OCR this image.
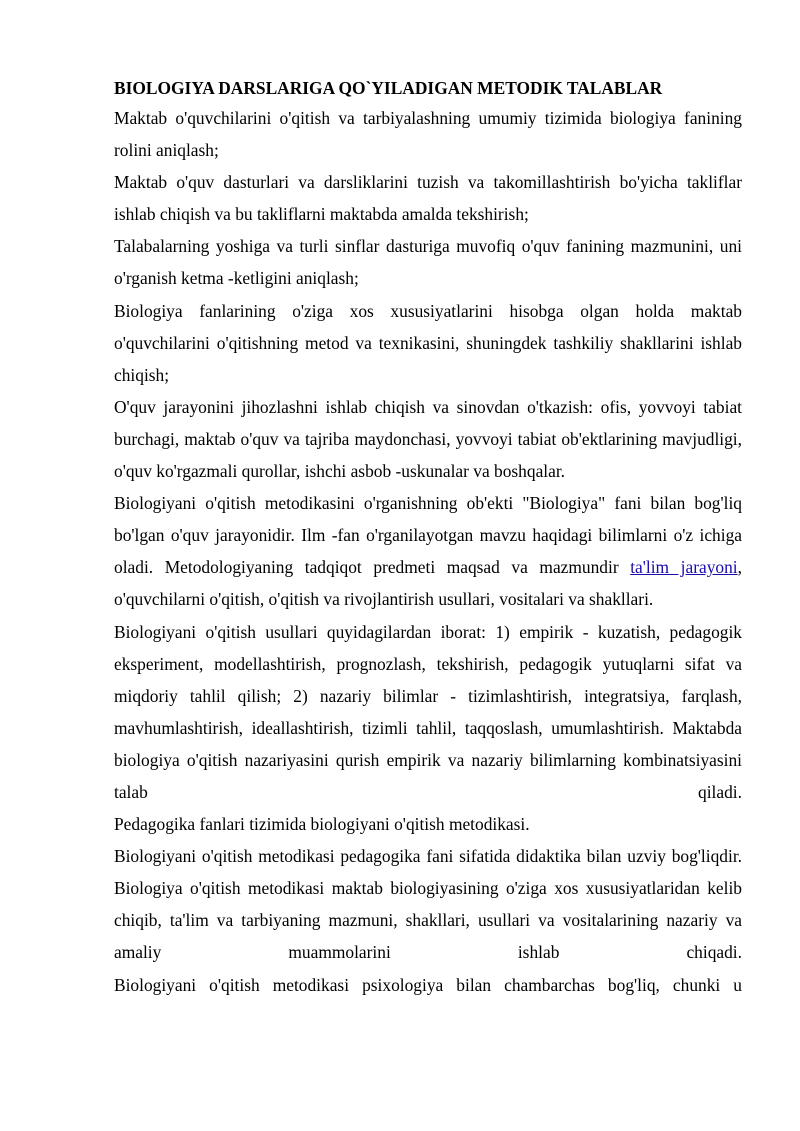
BIOLOGIYA DARSLARIGA QO`YILADIGAN METODIK TALABLAR

Maktab o'quvchilarini o'qitish va tarbiyalashning umumiy tizimida biologiya fanining rolini aniqlash;

Maktab o'quv dasturlari va darsliklarini tuzish va takomillashtirish bo'yicha takliflar ishlab chiqish va bu takliflarni maktabda amalda tekshirish;

Talabalarning yoshiga va turli sinflar dasturiga muvofiq o'quv fanining mazmunini, uni o'rganish ketma -ketligini aniqlash;

Biologiya fanlarining o'ziga xos xususiyatlarini hisobga olgan holda maktab o'quvchilarini o'qitishning metod va texnikasini, shuningdek tashkiliy shakllarini ishlab chiqish;

O'quv jarayonini jihozlashni ishlab chiqish va sinovdan o'tkazish: ofis, yovvoyi tabiat burchagi, maktab o'quv va tajriba maydonchasi, yovvoyi tabiat ob'ektlarining mavjudligi, o'quv ko'rgazmali qurollar, ishchi asbob -uskunalar va boshqalar.

Biologiyani o'qitish metodikasini o'rganishning ob'ekti "Biologiya" fani bilan bog'liq bo'lgan o'quv jarayonidir. Ilm -fan o'rganilayotgan mavzu haqidagi bilimlarni o'z ichiga oladi. Metodologiyaning tadqiqot predmeti maqsad va mazmundir ta'lim jarayoni, o'quvchilarni o'qitish, o'qitish va rivojlantirish usullari, vositalari va shakllari.

Biologiyani o'qitish usullari quyidagilardan iborat: 1) empirik - kuzatish, pedagogik eksperiment, modellashtirish, prognozlash, tekshirish, pedagogik yutuqlarni sifat va miqdoriy tahlil qilish; 2) nazariy bilimlar - tizimlashtirish, integratsiya, farqlash, mavhumlashtirish, ideallashtirish, tizimli tahlil, taqqoslash, umumlashtirish. Maktabda biologiya o'qitish nazariyasini qurish empirik va nazariy bilimlarning kombinatsiyasini talab qiladi.

Pedagogika fanlari tizimida biologiyani o'qitish metodikasi.

Biologiyani o'qitish metodikasi pedagogika fani sifatida didaktika bilan uzviy bog'liqdir. Biologiya o'qitish metodikasi maktab biologiyasining o'ziga xos xususiyatlaridan kelib chiqib, ta'lim va tarbiyaning mazmuni, shakllari, usullari va vositalarining nazariy va amaliy muammolarini ishlab chiqadi.

Biologiyani o'qitish metodikasi psixologiya bilan chambarchas bog'liq, chunki u
